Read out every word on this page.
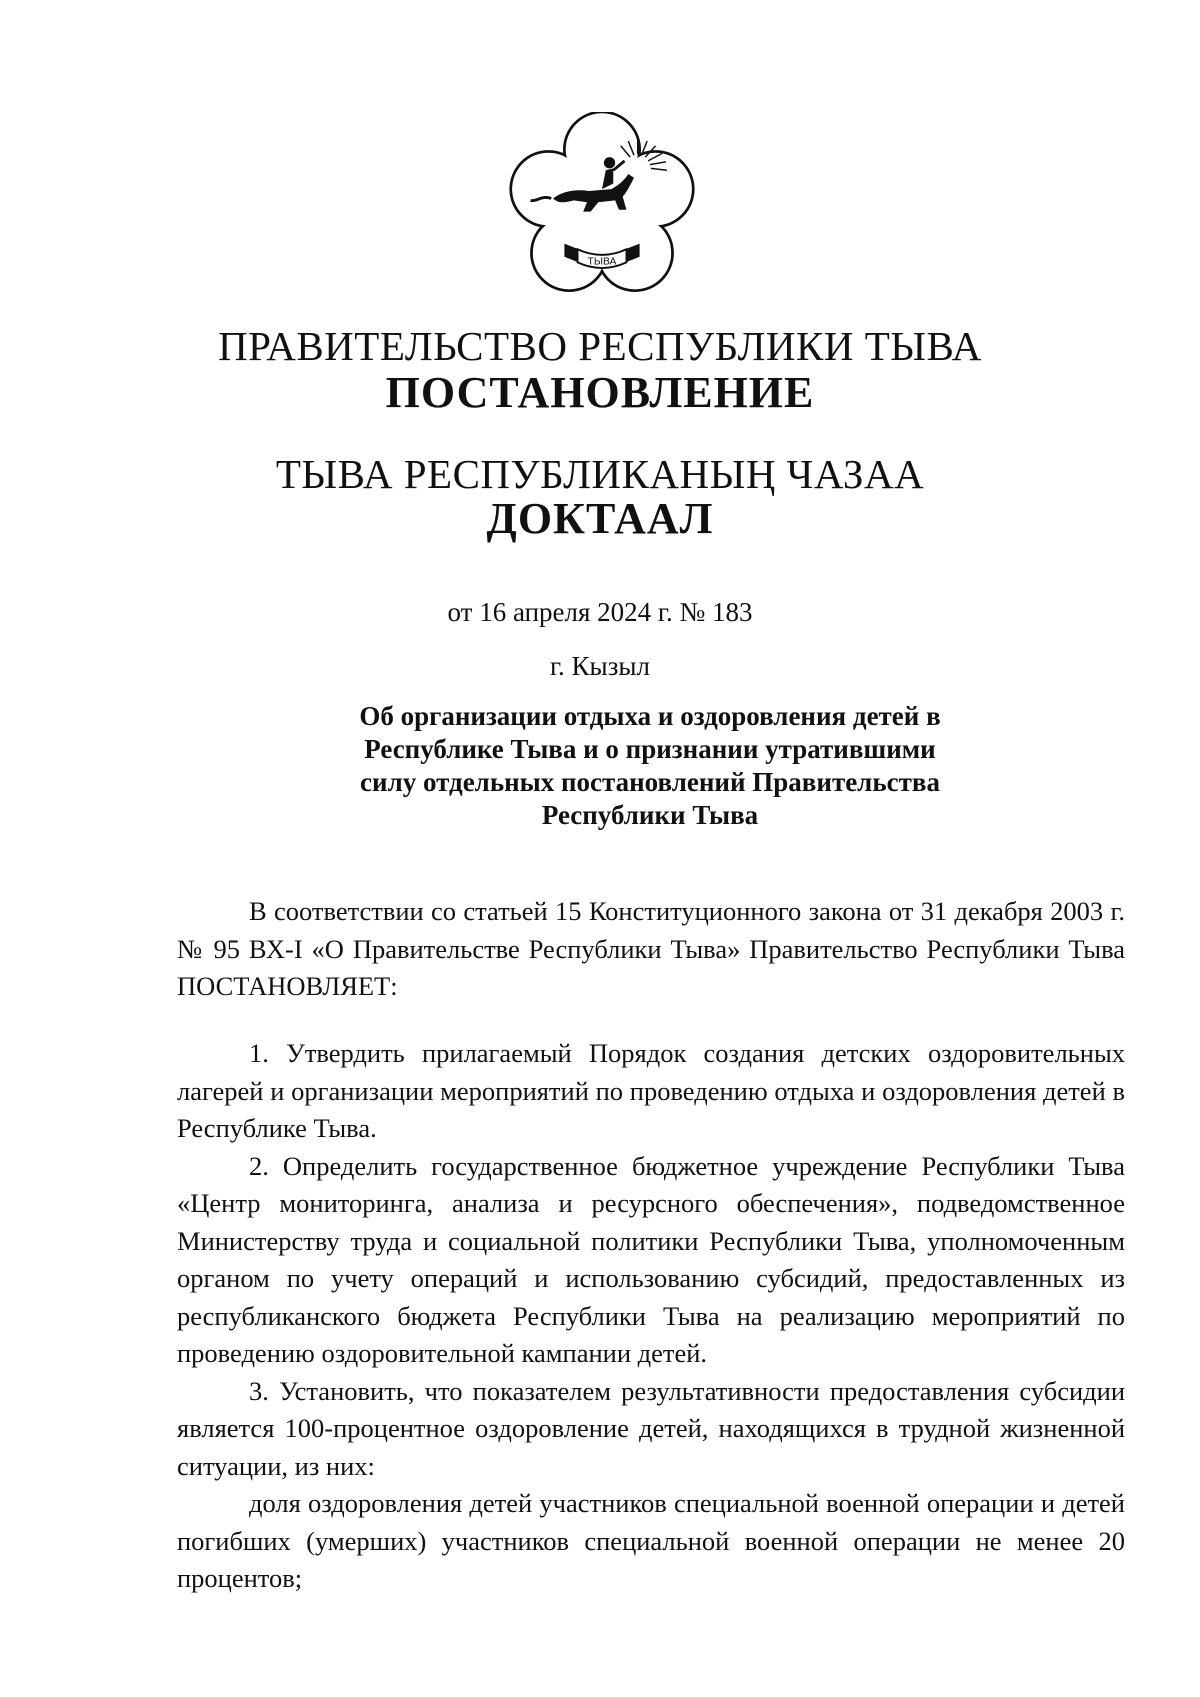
ТЫВА
ПРАВИТЕЛЬСТВО РЕСПУБЛИКИ ТЫВА
ПОСТАНОВЛЕНИЕ
ТЫВА РЕСПУБЛИКАНЫҢ ЧАЗАА
ДОКТААЛ
от 16 апреля 2024 г. № 183
г. Кызыл
Об организации отдыха и оздоровления детей в Республике Тыва и о признании утратившими силу отдельных постановлений Правительства Республики Тыва

В соответствии со статьей 15 Конституционного закона от 31 декабря 2003 г. № 95 ВХ-I «О Правительстве Республики Тыва» Правительство Республики Тыва ПОСТАНОВЛЯЕТ:

1. Утвердить прилагаемый Порядок создания детских оздоровительных лагерей и организации мероприятий по проведению отдыха и оздоровления детей в Республике Тыва.

2. Определить государственное бюджетное учреждение Республики Тыва «Центр мониторинга, анализа и ресурсного обеспечения», подведомственное Министерству труда и социальной политики Республики Тыва, уполномоченным органом по учету операций и использованию субсидий, предоставленных из республиканского бюджета Республики Тыва на реализацию мероприятий по проведению оздоровительной кампании детей.

3. Установить, что показателем результативности предоставления субсидии является 100-процентное оздоровление детей, находящихся в трудной жизненной ситуации, из них:

доля оздоровления детей участников специальной военной операции и детей погибших (умерших) участников специальной военной операции не менее 20 процентов;
